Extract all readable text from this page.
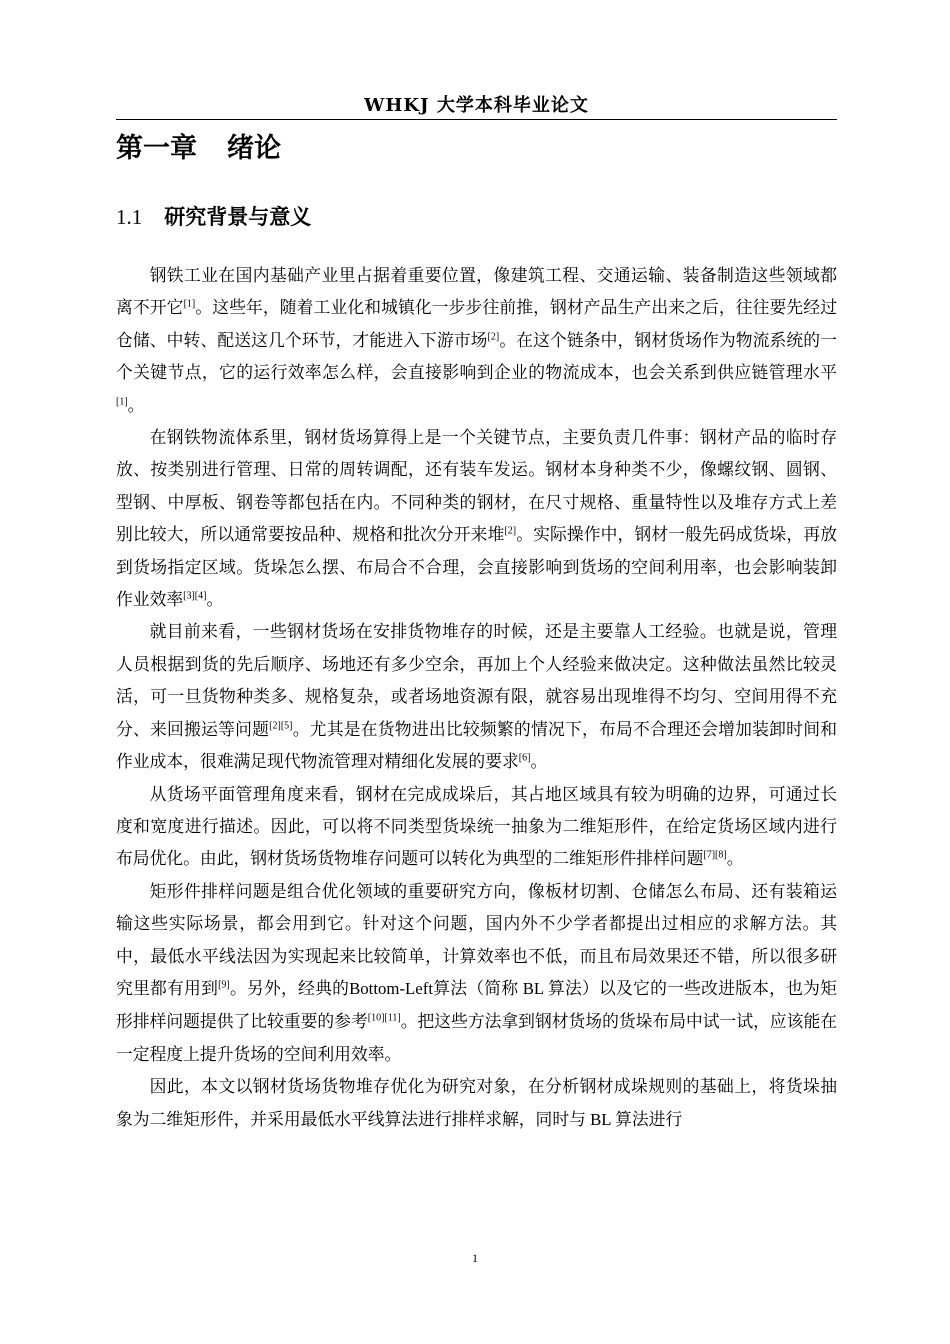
WHKJ 大学本科毕业论文
第一章 绪论
1.1 研究背景与意义

钢铁工业在国内基础产业里占据着重要位置，像建筑工程、交通运输、装备制造这些领域都离不开它[1]。这些年，随着工业化和城镇化一步步往前推，钢材产品生产出来之后，往往要先经过仓储、中转、配送这几个环节，才能进入下游市场[2]。在这个链条中，钢材货场作为物流系统的一个关键节点，它的运行效率怎么样，会直接影响到企业的物流成本，也会关系到供应链管理水平[1]。

在钢铁物流体系里，钢材货场算得上是一个关键节点，主要负责几件事：钢材产品的临时存放、按类别进行管理、日常的周转调配，还有装车发运。钢材本身种类不少，像螺纹钢、圆钢、型钢、中厚板、钢卷等都包括在内。不同种类的钢材，在尺寸规格、重量特性以及堆存方式上差别比较大，所以通常要按品种、规格和批次分开来堆[2]。实际操作中，钢材一般先码成货垛，再放到货场指定区域。货垛怎么摆、布局合不合理，会直接影响到货场的空间利用率，也会影响装卸作业效率[3][4]。

就目前来看，一些钢材货场在安排货物堆存的时候，还是主要靠人工经验。也就是说，管理人员根据到货的先后顺序、场地还有多少空余，再加上个人经验来做决定。这种做法虽然比较灵活，可一旦货物种类多、规格复杂，或者场地资源有限，就容易出现堆得不均匀、空间用得不充分、来回搬运等问题[2][5]。尤其是在货物进出比较频繁的情况下，布局不合理还会增加装卸时间和作业成本，很难满足现代物流管理对精细化发展的要求[6]。

从货场平面管理角度来看，钢材在完成成垛后，其占地区域具有较为明确的边界，可通过长度和宽度进行描述。因此，可以将不同类型货垛统一抽象为二维矩形件，在给定货场区域内进行布局优化。由此，钢材货场货物堆存问题可以转化为典型的二维矩形件排样问题[7][8]。

矩形件排样问题是组合优化领域的重要研究方向，像板材切割、仓储怎么布局、还有装箱运输这些实际场景，都会用到它。针对这个问题，国内外不少学者都提出过相应的求解方法。其中，最低水平线法因为实现起来比较简单，计算效率也不低，而且布局效果还不错，所以很多研究里都有用到[9]。另外，经典的Bottom-Left算法（简称 BL 算法）以及它的一些改进版本，也为矩形排样问题提供了比较重要的参考[10][11]。把这些方法拿到钢材货场的货垛布局中试一试，应该能在一定程度上提升货场的空间利用效率。

因此，本文以钢材货场货物堆存优化为研究对象，在分析钢材成垛规则的基础上，将货垛抽象为二维矩形件，并采用最低水平线算法进行排样求解，同时与 BL 算法进行

1
